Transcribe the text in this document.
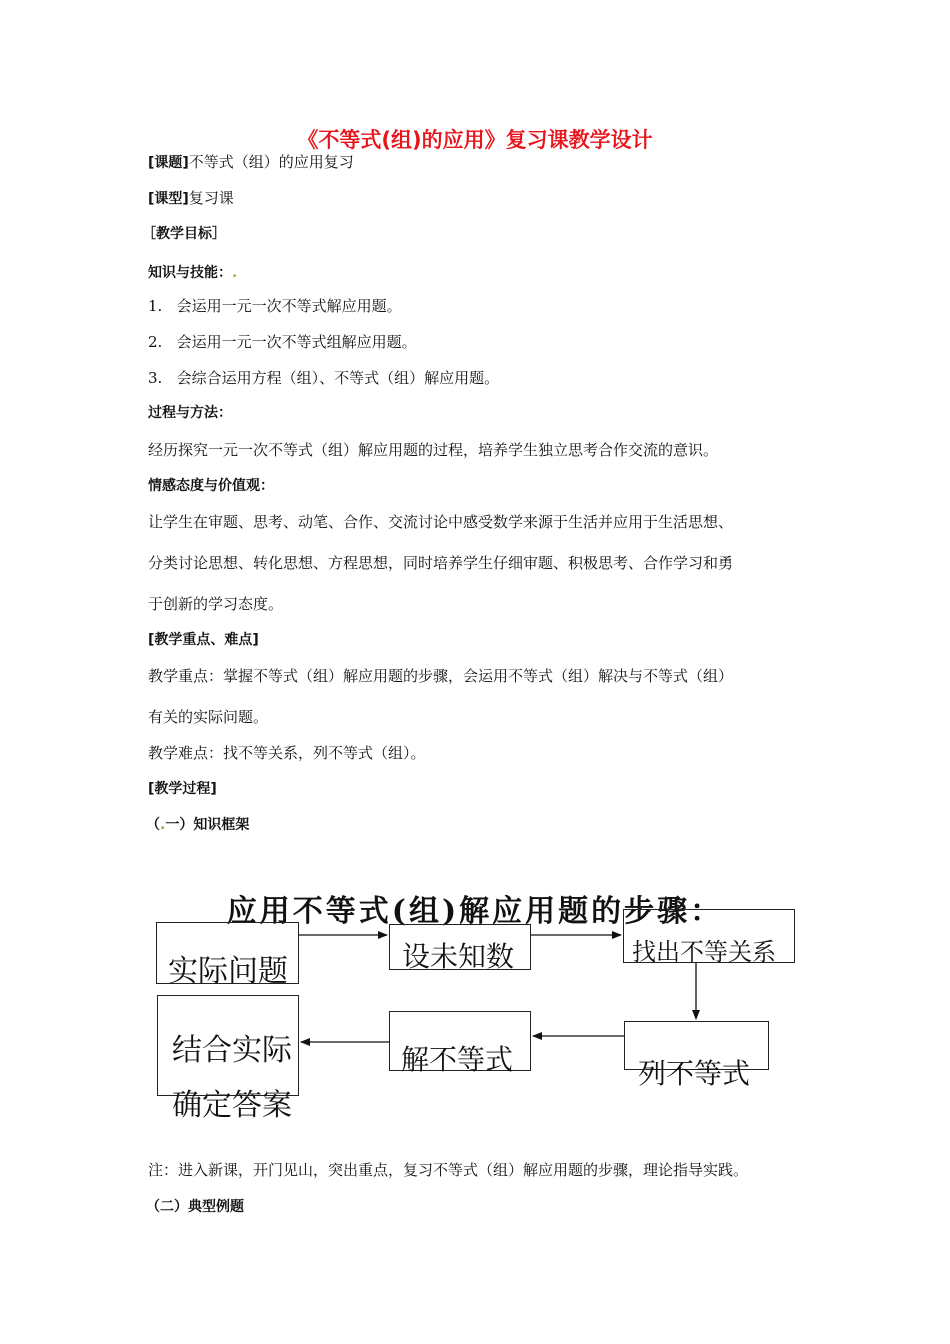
《不等式(组)的应用》复习课教学设计
[课题]不等式（组）的应用复习
[课型]复习课
［教学目标］
知识与技能：.
1.   会运用一元一次不等式解应用题。
2.   会运用一元一次不等式组解应用题。
3.   会综合运用方程（组）、不等式（组）解应用题。
过程与方法：
经历探究一元一次不等式（组）解应用题的过程，培养学生独立思考合作交流的意识。
情感态度与价值观：
让学生在审题、思考、动笔、合作、交流讨论中感受数学来源于生活并应用于生活思想、
分类讨论思想、转化思想、方程思想，同时培养学生仔细审题、积极思考、合作学习和勇
于创新的学习态度。
[教学重点、难点]
教学重点：掌握不等式（组）解应用题的步骤，会运用不等式（组）解决与不等式（组）
有关的实际问题。
教学难点：找不等关系，列不等式（组）。
[教学过程]
（.一）知识框架
应用不等式(组)解应用题的步骤：
实际问题	设未知数	找出不等关系
列不等式
解不等式
结合实际
确定答案
注：进入新课，开门见山，突出重点，复习不等式（组）解应用题的步骤，理论指导实践。
（二）典型例题
